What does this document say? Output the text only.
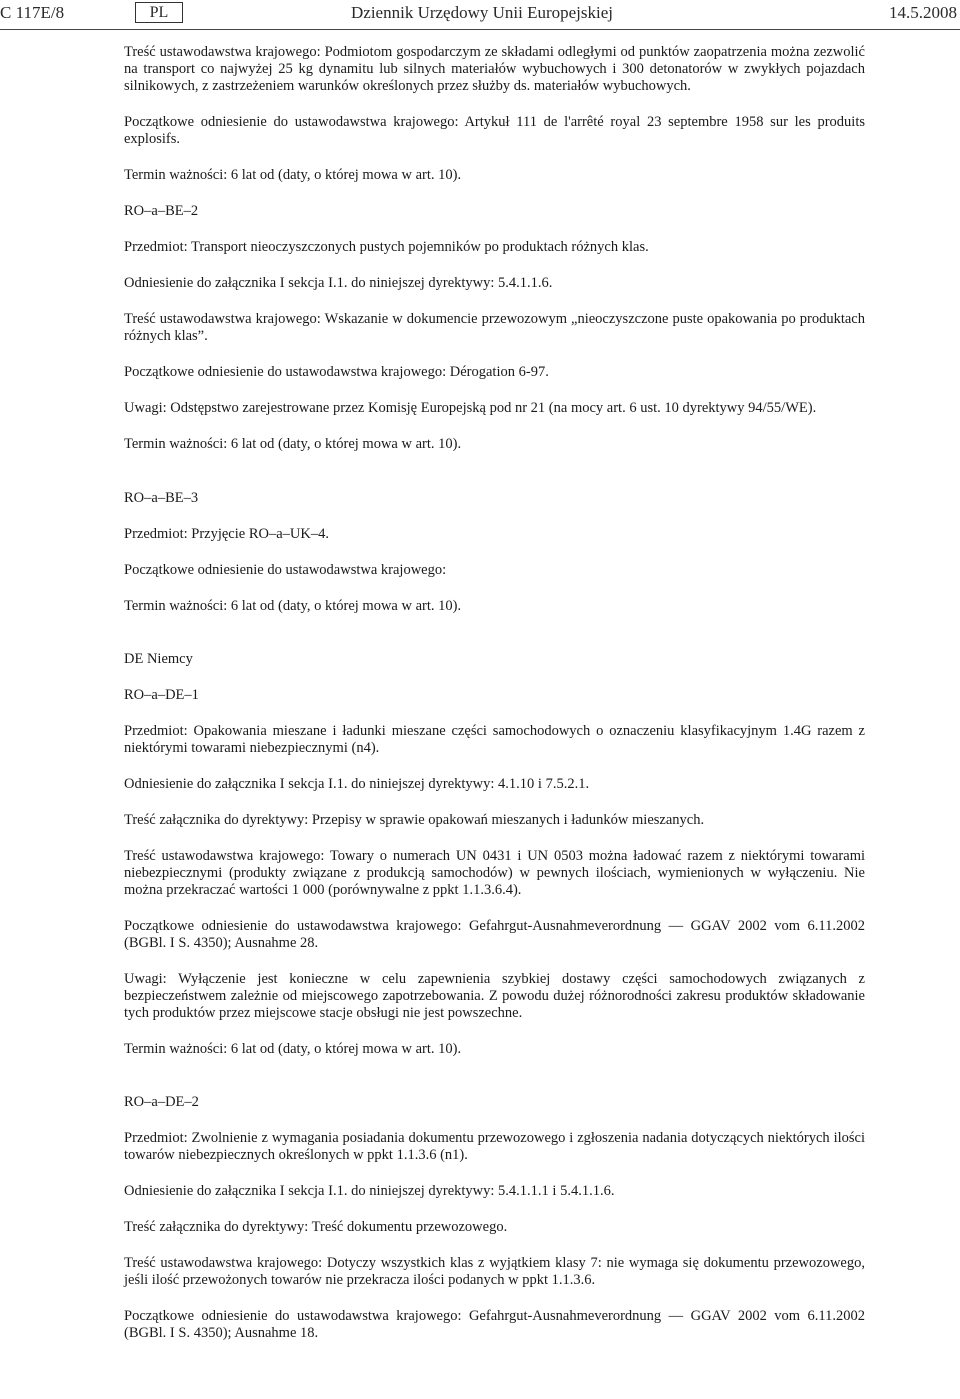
C 117E/8	PL	Dziennik Urzędowy Unii Europejskiej	14.5.2008

Treść ustawodawstwa krajowego: Podmiotom gospodarczym ze składami odległymi od punktów zaopatrzenia można zezwolić na transport co najwyżej 25 kg dynamitu lub silnych materiałów wybuchowych i 300 detonatorów w zwykłych pojazdach silnikowych, z zastrzeżeniem warunków określonych przez służby ds. materiałów wybuchowych.

Początkowe odniesienie do ustawodawstwa krajowego: Artykuł 111 de l'arrêté royal 23 septembre 1958 sur les produits explosifs.

Termin ważności: 6 lat od (daty, o której mowa w art. 10).

RO–a–BE–2

Przedmiot: Transport nieoczyszczonych pustych pojemników po produktach różnych klas.

Odniesienie do załącznika I sekcja I.1. do niniejszej dyrektywy: 5.4.1.1.6.

Treść ustawodawstwa krajowego: Wskazanie w dokumencie przewozowym „nieoczyszczone puste opakowania po produktach różnych klas”.

Początkowe odniesienie do ustawodawstwa krajowego: Dérogation 6-97.

Uwagi: Odstępstwo zarejestrowane przez Komisję Europejską pod nr 21 (na mocy art. 6 ust. 10 dyrektywy 94/55/WE).

Termin ważności: 6 lat od (daty, o której mowa w art. 10).

RO–a–BE–3

Przedmiot: Przyjęcie RO–a–UK–4.

Początkowe odniesienie do ustawodawstwa krajowego:

Termin ważności: 6 lat od (daty, o której mowa w art. 10).

DE Niemcy

RO–a–DE–1

Przedmiot: Opakowania mieszane i ładunki mieszane części samochodowych o oznaczeniu klasyfikacyjnym 1.4G razem z niektórymi towarami niebezpiecznymi (n4).

Odniesienie do załącznika I sekcja I.1. do niniejszej dyrektywy: 4.1.10 i 7.5.2.1.

Treść załącznika do dyrektywy: Przepisy w sprawie opakowań mieszanych i ładunków mieszanych.

Treść ustawodawstwa krajowego: Towary o numerach UN 0431 i UN 0503 można ładować razem z niektórymi towarami niebezpiecznymi (produkty związane z produkcją samochodów) w pewnych ilościach, wymienionych w wyłączeniu. Nie można przekraczać wartości 1 000 (porównywalne z ppkt 1.1.3.6.4).

Początkowe odniesienie do ustawodawstwa krajowego: Gefahrgut-Ausnahmeverordnung — GGAV 2002 vom 6.11.2002 (BGBl. I S. 4350); Ausnahme 28.

Uwagi: Wyłączenie jest konieczne w celu zapewnienia szybkiej dostawy części samochodowych związanych z bezpieczeństwem zależnie od miejscowego zapotrzebowania. Z powodu dużej różnorodności zakresu produktów składowanie tych produktów przez miejscowe stacje obsługi nie jest powszechne.

Termin ważności: 6 lat od (daty, o której mowa w art. 10).

RO–a–DE–2

Przedmiot: Zwolnienie z wymagania posiadania dokumentu przewozowego i zgłoszenia nadania dotyczących niektórych ilości towarów niebezpiecznych określonych w ppkt 1.1.3.6 (n1).

Odniesienie do załącznika I sekcja I.1. do niniejszej dyrektywy: 5.4.1.1.1 i 5.4.1.1.6.

Treść załącznika do dyrektywy: Treść dokumentu przewozowego.

Treść ustawodawstwa krajowego: Dotyczy wszystkich klas z wyjątkiem klasy 7: nie wymaga się dokumentu przewozowego, jeśli ilość przewożonych towarów nie przekracza ilości podanych w ppkt 1.1.3.6.

Początkowe odniesienie do ustawodawstwa krajowego: Gefahrgut-Ausnahmeverordnung — GGAV 2002 vom 6.11.2002 (BGBl. I S. 4350); Ausnahme 18.
